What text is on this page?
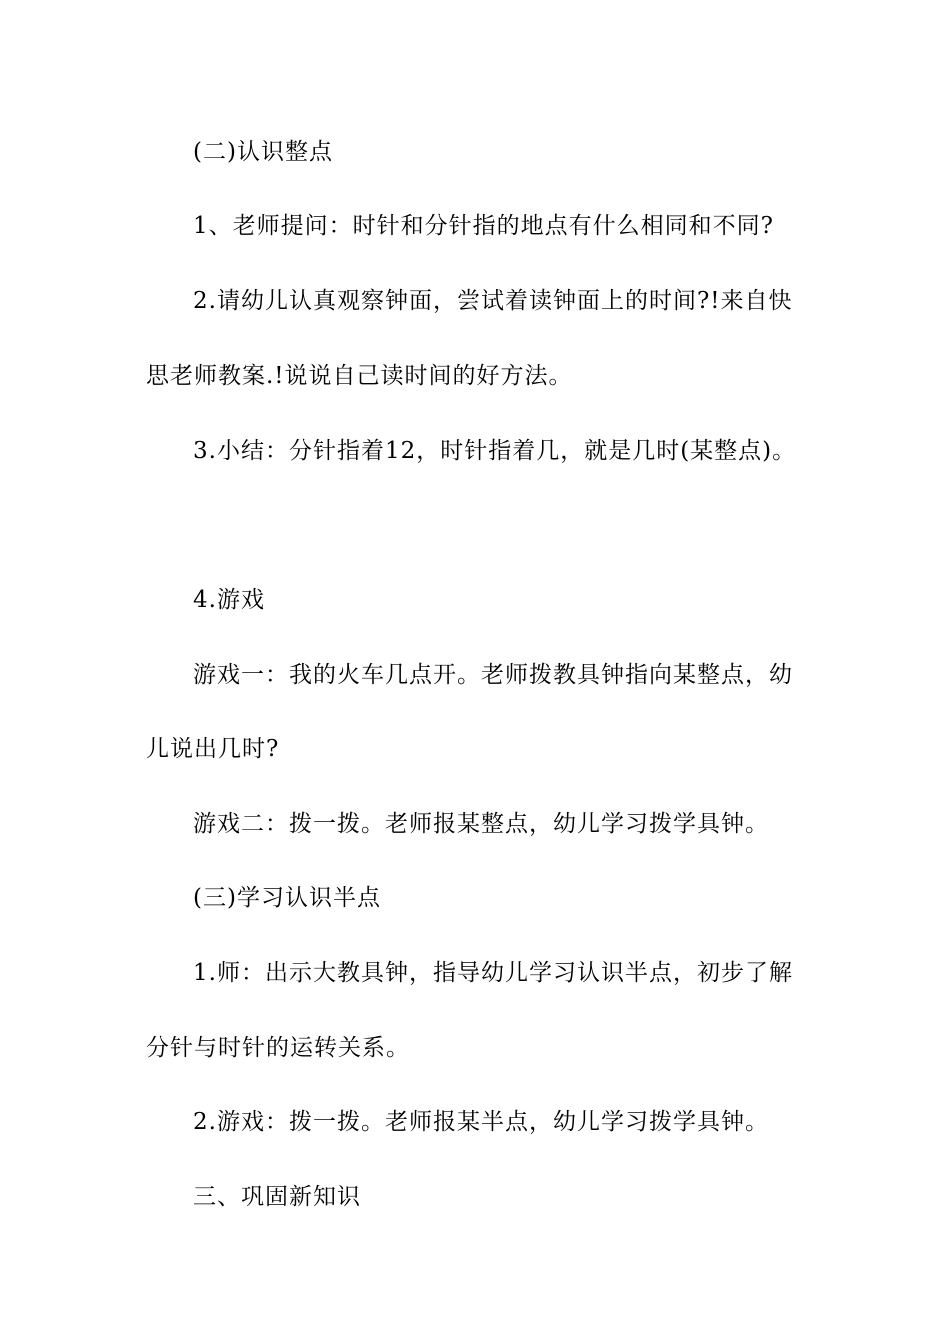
(二)认识整点
1、老师提问：时针和分针指的地点有什么相同和不同?
2.请幼儿认真观察钟面，尝试着读钟面上的时间?!来自快
思老师教案.!说说自己读时间的好方法。
3.小结：分针指着12，时针指着几，就是几时(某整点)。
4.游戏
游戏一：我的火车几点开。老师拨教具钟指向某整点，幼
儿说出几时?
游戏二：拨一拨。老师报某整点，幼儿学习拨学具钟。
(三)学习认识半点
1.师：出示大教具钟，指导幼儿学习认识半点，初步了解
分针与时针的运转关系。
2.游戏：拨一拨。老师报某半点，幼儿学习拨学具钟。
三、巩固新知识
